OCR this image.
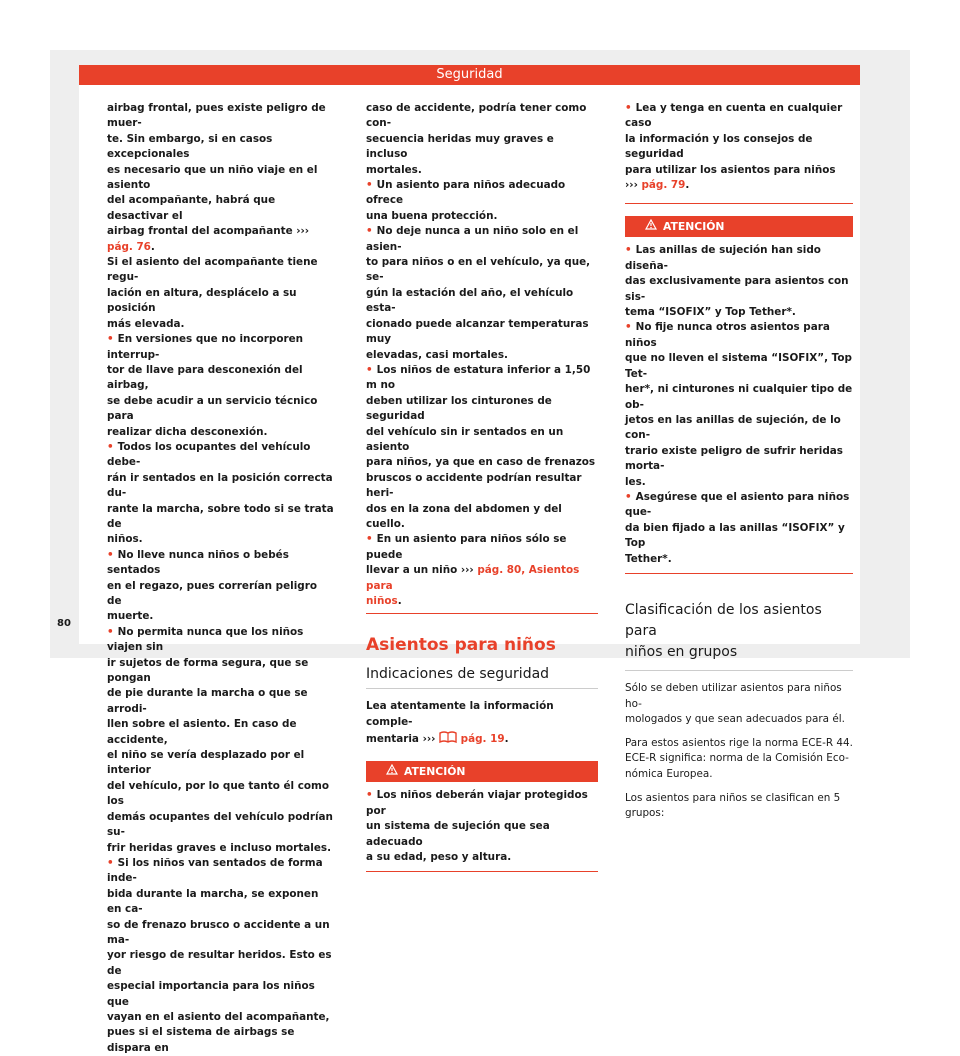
Seguridad

airbag frontal, pues existe peligro de muer-
te. Sin embargo, si en casos excepcionales
es necesario que un niño viaje en el asiento
del acompañante, habrá que desactivar el
airbag frontal del acompañante ››› pág. 76.
Si el asiento del acompañante tiene regu-
lación en altura, desplácelo a su posición
más elevada.

• En versiones que no incorporen interrup-
tor de llave para desconexión del airbag,
se debe acudir a un servicio técnico para
realizar dicha desconexión.

• Todos los ocupantes del vehículo debe-
rán ir sentados en la posición correcta du-
rante la marcha, sobre todo si se trata de
niños.

• No lleve nunca niños o bebés sentados
en el regazo, pues correrían peligro de
muerte.

• No permita nunca que los niños viajen sin
ir sujetos de forma segura, que se pongan
de pie durante la marcha o que se arrodi-
llen sobre el asiento. En caso de accidente,
el niño se vería desplazado por el interior
del vehículo, por lo que tanto él como los
demás ocupantes del vehículo podrían su-
frir heridas graves e incluso mortales.

• Si los niños van sentados de forma inde-
bida durante la marcha, se exponen en ca-
so de frenazo brusco o accidente a un ma-
yor riesgo de resultar heridos. Esto es de
especial importancia para los niños que
vayan en el asiento del acompañante,
pues si el sistema de airbags se dispara en

caso de accidente, podría tener como con-
secuencia heridas muy graves e incluso
mortales.

• Un asiento para niños adecuado ofrece
una buena protección.

• No deje nunca a un niño solo en el asien-
to para niños o en el vehículo, ya que, se-
gún la estación del año, el vehículo esta-
cionado puede alcanzar temperaturas muy
elevadas, casi mortales.

• Los niños de estatura inferior a 1,50 m no
deben utilizar los cinturones de seguridad
del vehículo sin ir sentados en un asiento
para niños, ya que en caso de frenazos
bruscos o accidente podrían resultar heri-
dos en la zona del abdomen y del cuello.

• En un asiento para niños sólo se puede
llevar a un niño ››› pág. 80, Asientos para
niños.

Asientos para niños

Indicaciones de seguridad

Lea atentamente la información comple-
mentaria ›››  pág. 19.

ATENCIÓN

• Los niños deberán viajar protegidos por
un sistema de sujeción que sea adecuado
a su edad, peso y altura.

• Lea y tenga en cuenta en cualquier caso
la información y los consejos de seguridad
para utilizar los asientos para niños
››› pág. 79.

ATENCIÓN

• Las anillas de sujeción han sido diseña-
das exclusivamente para asientos con sis-
tema “ISOFIX” y Top Tether*.

• No fije nunca otros asientos para niños
que no lleven el sistema “ISOFIX”, Top Tet-
her*, ni cinturones ni cualquier tipo de ob-
jetos en las anillas de sujeción, de lo con-
trario existe peligro de sufrir heridas morta-
les.

• Asegúrese que el asiento para niños que-
da bien fijado a las anillas “ISOFIX” y Top
Tether*.

Clasificación de los asientos para
niños en grupos

Sólo se deben utilizar asientos para niños ho-
mologados y que sean adecuados para él.

Para estos asientos rige la norma ECE-R 44.
ECE-R significa: norma de la Comisión Eco-
nómica Europea.

Los asientos para niños se clasifican en 5
grupos:

80
